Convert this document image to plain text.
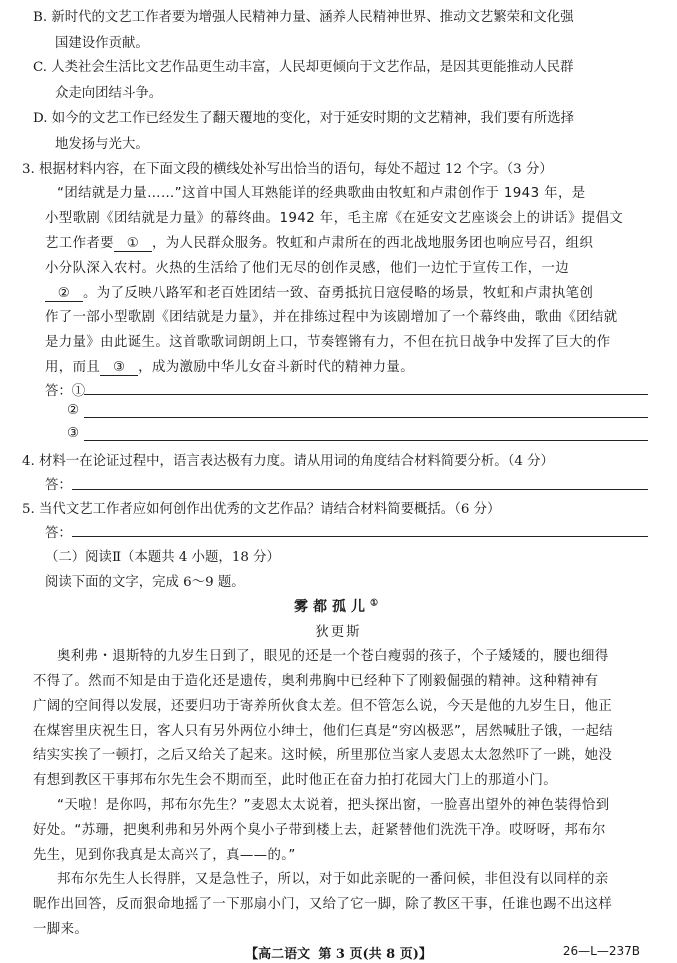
B. 新时代的文艺工作者要为增强人民精神力量、涵养人民精神世界、推动文艺繁荣和文化强
国建设作贡献。
C. 人类社会生活比文艺作品更生动丰富，人民却更倾向于文艺作品，是因其更能推动人民群
众走向团结斗争。
D. 如今的文艺工作已经发生了翻天覆地的变化，对于延安时期的文艺精神，我们要有所选择
地发扬与光大。
3. 根据材料内容，在下面文段的横线处补写出恰当的语句，每处不超过 12 个字。（3 分）
“团结就是力量……”这首中国人耳熟能详的经典歌曲由牧虹和卢肃创作于 1943 年，是
小型歌剧《团结就是力量》的幕终曲。1942 年，毛主席《在延安文艺座谈会上的讲话》提倡文
艺工作者要 ① ，为人民群众服务。牧虹和卢肃所在的西北战地服务团也响应号召，组织
小分队深入农村。火热的生活给了他们无尽的创作灵感，他们一边忙于宣传工作，一边
② 。为了反映八路军和老百姓团结一致、奋勇抵抗日寇侵略的场景，牧虹和卢肃执笔创
作了一部小型歌剧《团结就是力量》，并在排练过程中为该剧增加了一个幕终曲，歌曲《团结就
是力量》由此诞生。这首歌歌词朗朗上口，节奏铿锵有力，不但在抗日战争中发挥了巨大的作
用，而且 ③ ，成为激励中华儿女奋斗新时代的精神力量。
答：①
②
③
4. 材料一在论证过程中，语言表达极有力度。请从用词的角度结合材料简要分析。（4 分）
答：
5. 当代文艺工作者应如何创作出优秀的文艺作品？请结合材料简要概括。（6 分）
答：
（二）阅读Ⅱ（本题共 4 小题，18 分）
阅读下面的文字，完成 6～9 题。
雾都孤儿①
狄更斯
奥利弗・退斯特的九岁生日到了，眼见的还是一个苍白瘦弱的孩子，个子矮矮的，腰也细得
不得了。然而不知是由于造化还是遗传，奥利弗胸中已经种下了刚毅倔强的精神。这种精神有
广阔的空间得以发展，还要归功于寄养所伙食太差。但不管怎么说，今天是他的九岁生日，他正
在煤窖里庆祝生日，客人只有另外两位小绅士，他们仨真是“穷凶极恶”，居然喊肚子饿，一起结
结实实挨了一顿打，之后又给关了起来。这时候，所里那位当家人麦恩太太忽然吓了一跳，她没
有想到教区干事邦布尔先生会不期而至，此时他正在奋力拍打花园大门上的那道小门。
“天啦！是你吗，邦布尔先生？”麦恩太太说着，把头探出窗，一脸喜出望外的神色装得恰到
好处。“苏珊，把奥利弗和另外两个臭小子带到楼上去，赶紧替他们洗洗干净。哎呀呀，邦布尔
先生，见到你我真是太高兴了，真——的。”
邦布尔先生人长得胖，又是急性子，所以，对于如此亲昵的一番问候，非但没有以同样的亲
昵作出回答，反而狠命地摇了一下那扇小门，又给了它一脚，除了教区干事，任谁也踢不出这样
一脚来。
【高二语文 第 3 页(共 8 页)】	26—L—237B
